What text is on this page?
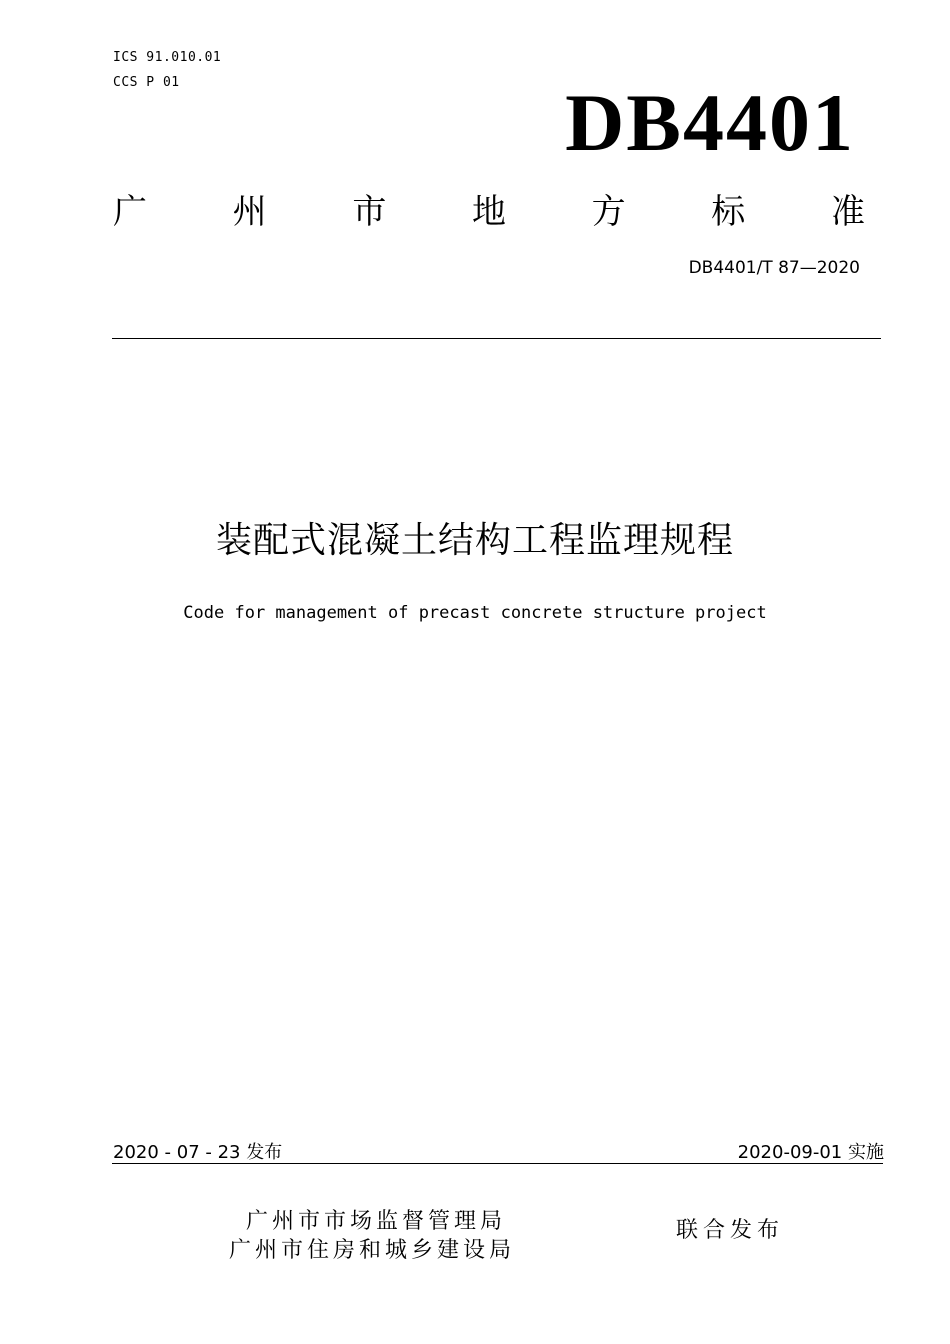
ICS 91.010.01
CCS P 01	DB4401
广	州	市	地	方	标	准
DB4401/T 87—2020
装配式混凝土结构工程监理规程
Code for management of precast concrete structure project
2020 - 07 - 23 发布	2020-09-01 实施
广州市市场监督管理局
广州市住房和城乡建设局
联合发布
